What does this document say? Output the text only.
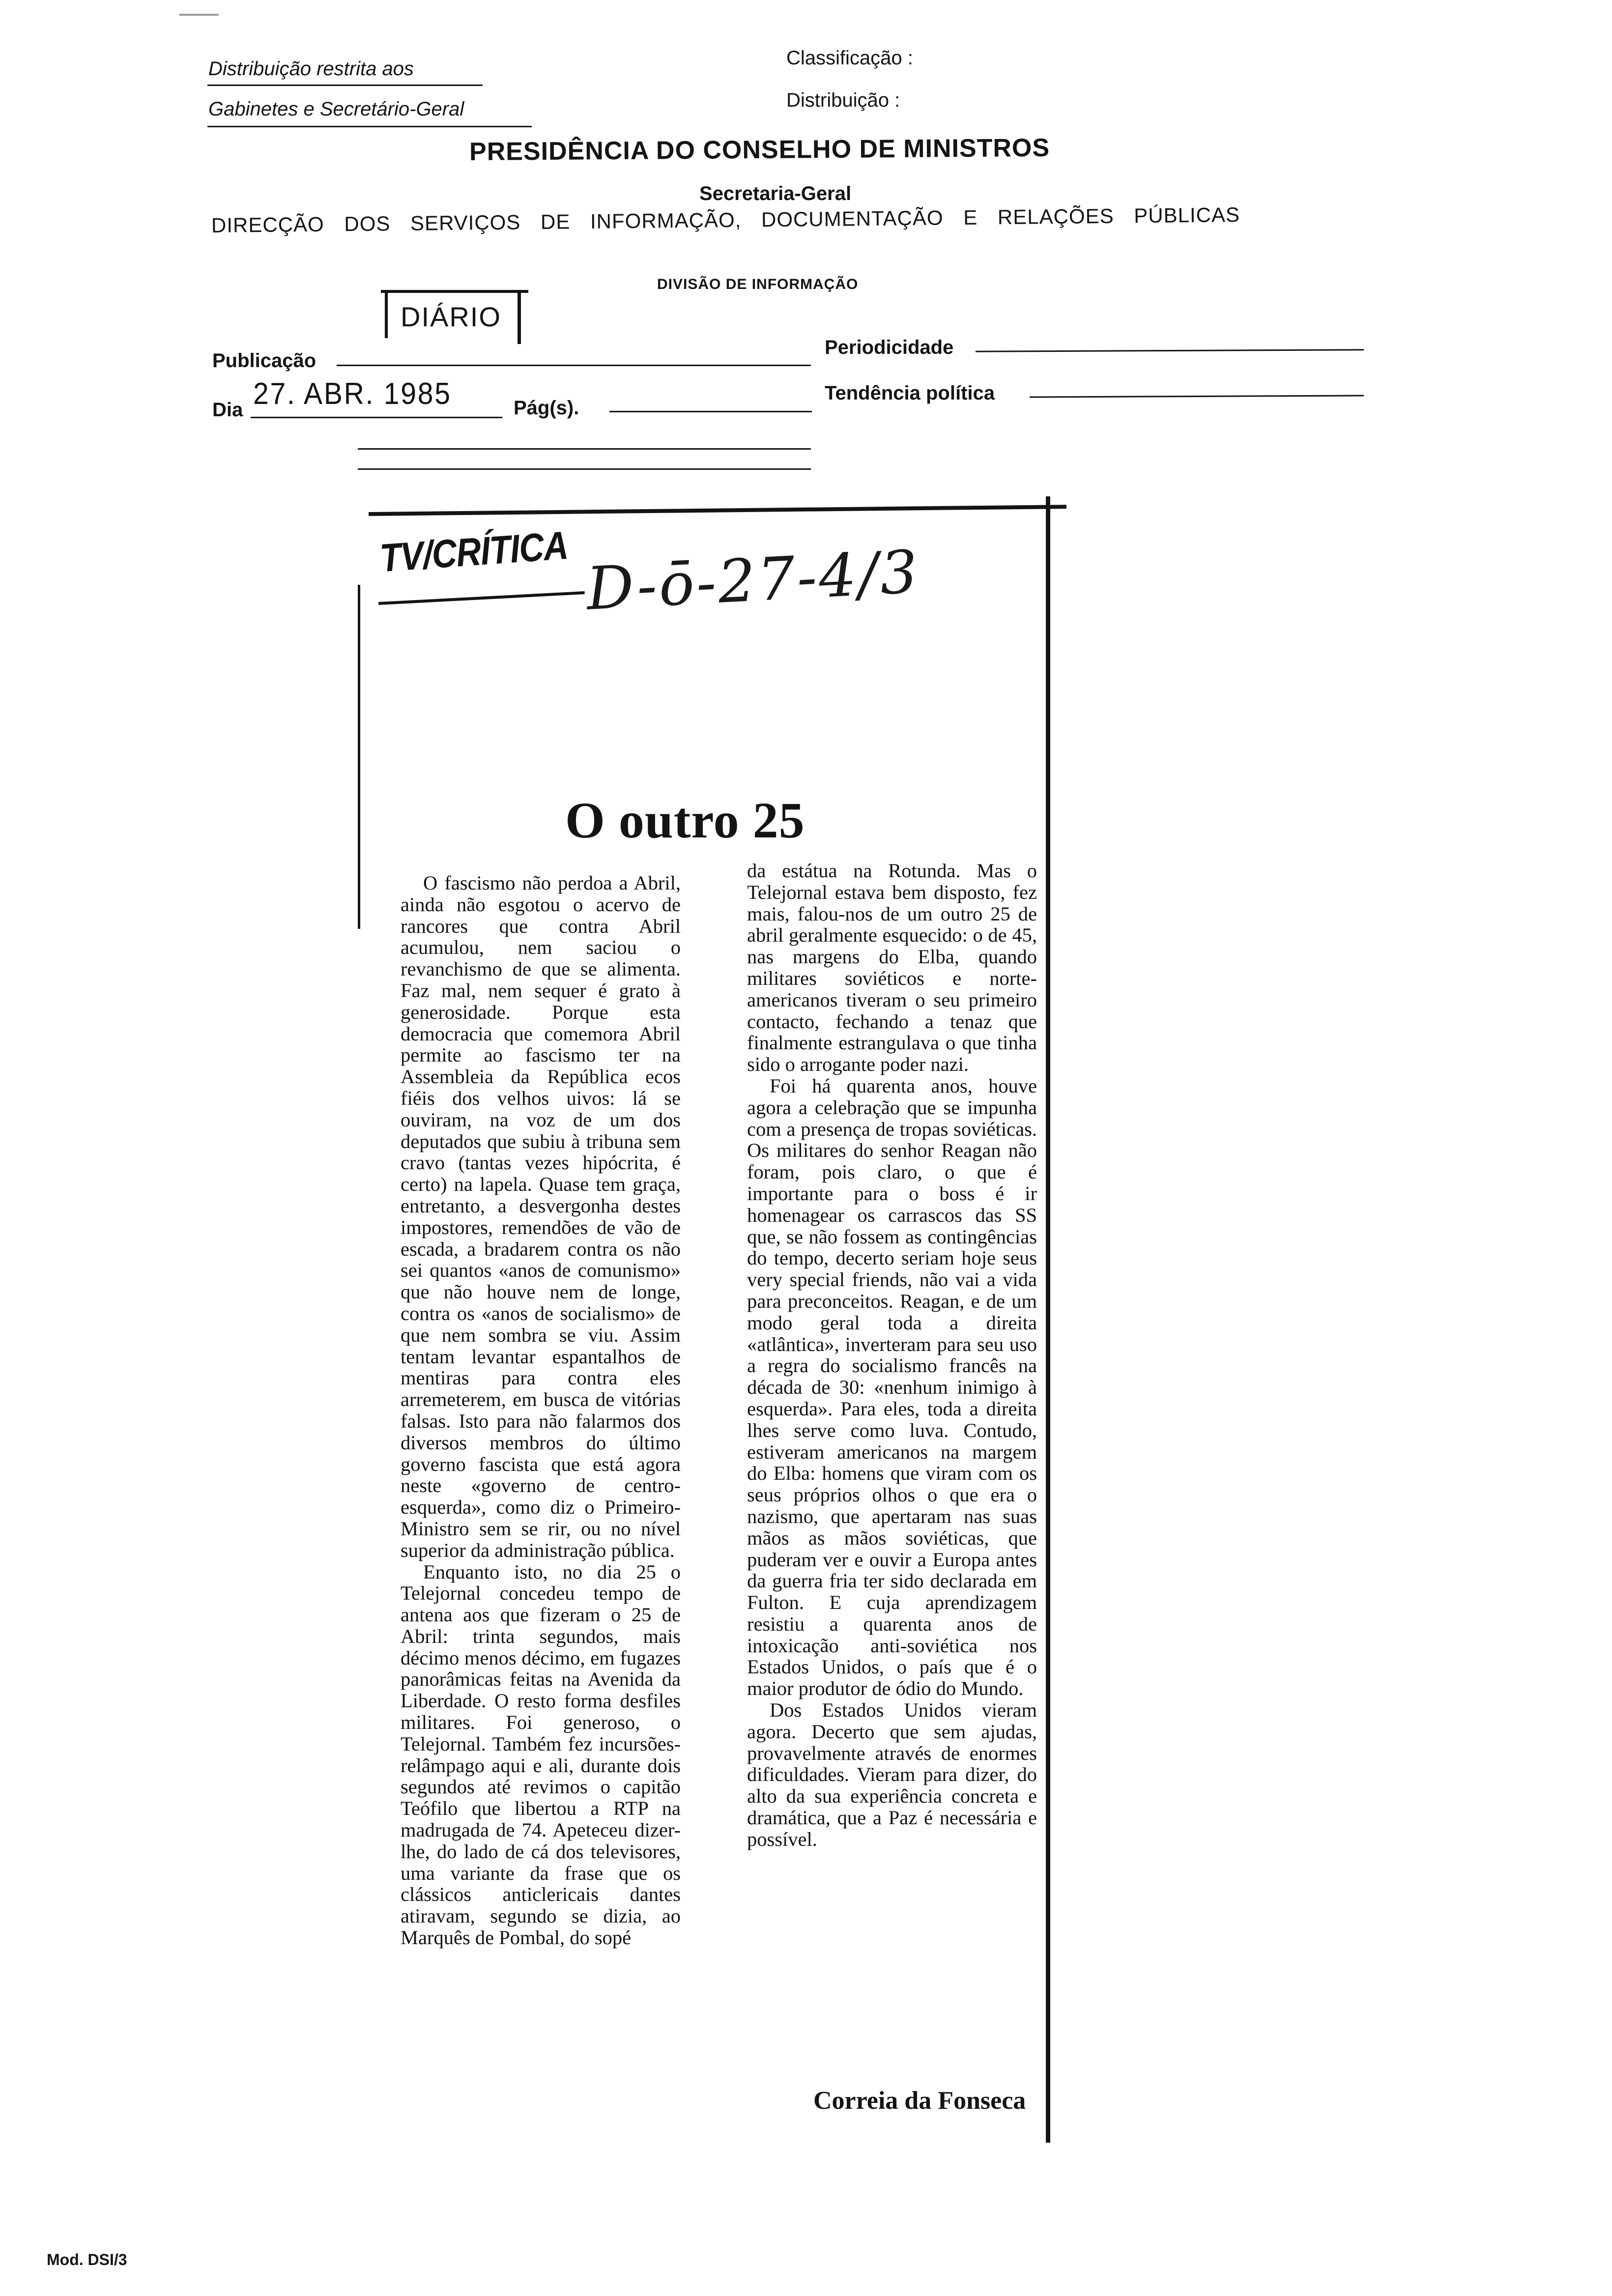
Distribuição restrita aos
Gabinetes e Secretário-Geral
Classificação :
Distribuição :
PRESIDÊNCIA DO CONSELHO DE MINISTROS
Secretaria-Geral
DIRECÇÃO DOS SERVIÇOS DE INFORMAÇÃO, DOCUMENTAÇÃO E RELAÇÕES PÚBLICAS
DIVISÃO DE INFORMAÇÃO
DIÁRIO
Publicação
Periodicidade
Dia 27. ABR. 1985	Pág(s).
Tendência política
TV/CRÍTICA D-ō-27-4/3
O outro 25

O fascismo não perdoa a Abril, ainda não esgotou o acervo de rancores que contra Abril acumulou, nem saciou o revanchismo de que se alimenta. Faz mal, nem sequer é grato à generosidade. Porque esta democracia que comemora Abril permite ao fascismo ter na Assembleia da República ecos fiéis dos velhos uivos: lá se ouviram, na voz de um dos deputados que subiu à tribuna sem cravo (tantas vezes hipócrita, é certo) na lapela. Quase tem graça, entretanto, a desvergonha destes impostores, remendões de vão de escada, a bradarem contra os não sei quantos «anos de comunismo» que não houve nem de longe, contra os «anos de socialismo» de que nem sombra se viu. Assim tentam levantar espantalhos de mentiras para contra eles arremeterem, em busca de vitórias falsas. Isto para não falarmos dos diversos membros do último governo fascista que está agora neste «governo de centro-esquerda», como diz o Primeiro-Ministro sem se rir, ou no nível superior da administração pública.

Enquanto isto, no dia 25 o Telejornal concedeu tempo de antena aos que fizeram o 25 de Abril: trinta segundos, mais décimo menos décimo, em fugazes panorâmicas feitas na Avenida da Liberdade. O resto forma desfiles militares. Foi generoso, o Telejornal. Também fez incursões-relâmpago aqui e ali, durante dois segundos até revimos o capitão Teófilo que libertou a RTP na madrugada de 74. Apeteceu dizer-lhe, do lado de cá dos televisores, uma variante da frase que os clássicos anticlericais dantes atiravam, segundo se dizia, ao Marquês de Pombal, do sopé

da estátua na Rotunda. Mas o Telejornal estava bem disposto, fez mais, falou-nos de um outro 25 de abril geralmente esquecido: o de 45, nas margens do Elba, quando militares soviéticos e norte-americanos tiveram o seu primeiro contacto, fechando a tenaz que finalmente estrangulava o que tinha sido o arrogante poder nazi.

Foi há quarenta anos, houve agora a celebração que se impunha com a presença de tropas soviéticas. Os militares do senhor Reagan não foram, pois claro, o que é importante para o boss é ir homenagear os carrascos das SS que, se não fossem as contingências do tempo, decerto seriam hoje seus very special friends, não vai a vida para preconceitos. Reagan, e de um modo geral toda a direita «atlântica», inverteram para seu uso a regra do socialismo francês na década de 30: «nenhum inimigo à esquerda». Para eles, toda a direita lhes serve como luva. Contudo, estiveram americanos na margem do Elba: homens que viram com os seus próprios olhos o que era o nazismo, que apertaram nas suas mãos as mãos soviéticas, que puderam ver e ouvir a Europa antes da guerra fria ter sido declarada em Fulton. E cuja aprendizagem resistiu a quarenta anos de intoxicação anti-soviética nos Estados Unidos, o país que é o maior produtor de ódio do Mundo.

Dos Estados Unidos vieram agora. Decerto que sem ajudas, provavelmente através de enormes dificuldades. Vieram para dizer, do alto da sua experiência concreta e dramática, que a Paz é necessária e possível.

Correia da Fonseca
Mod. DSI/3
